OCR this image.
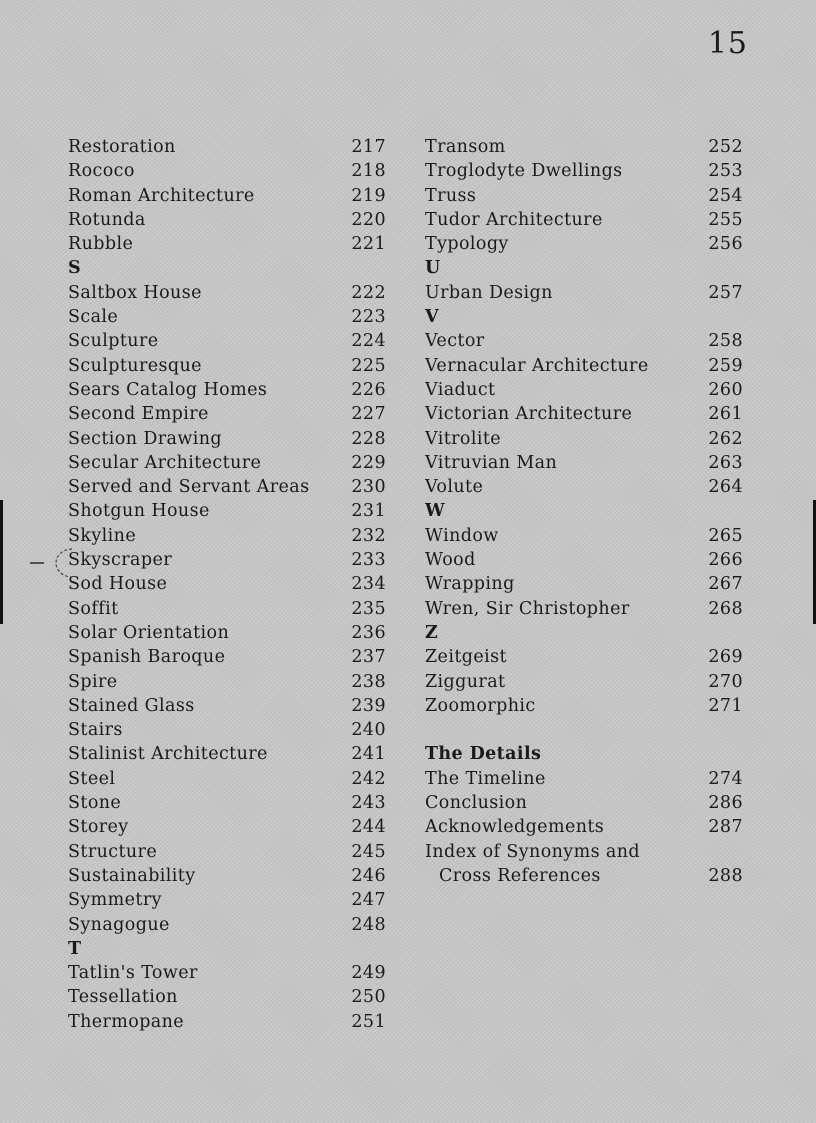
15
Restoration	217
Rococo	218
Roman Architecture	219
Rotunda	220
Rubble	221
S
Saltbox House	222
Scale	223
Sculpture	224
Sculpturesque	225
Sears Catalog Homes	226
Second Empire	227
Section Drawing	228
Secular Architecture	229
Served and Servant Areas 230
Shotgun House	231
Skyline	232
Skyscraper	233
Sod House	234
Soffit	235
Solar Orientation	236
Spanish Baroque	237
Spire	238
Stained Glass	239
Stairs	240
Stalinist Architecture	241
Steel	242
Stone	243
Storey	244
Structure	245
Sustainability	246
Symmetry	247
Synagogue	248
T
Tatlin's Tower	249
Tessellation	250
Thermopane	251
Transom	252
Troglodyte Dwellings	253
Truss	254
Tudor Architecture	255
Typology	256
U
Urban Design	257
V
Vector	258
Vernacular Architecture	259
Viaduct	260
Victorian Architecture	261
Vitrolite	262
Vitruvian Man	263
Volute	264
W
Window	265
Wood	266
Wrapping	267
Wren, Sir Christopher	268
Z
Zeitgeist	269
Ziggurat	270
Zoomorphic	271
The Details
The Timeline	274
Conclusion	286
Acknowledgements	287
Index of Synonyms and
Cross References	288
